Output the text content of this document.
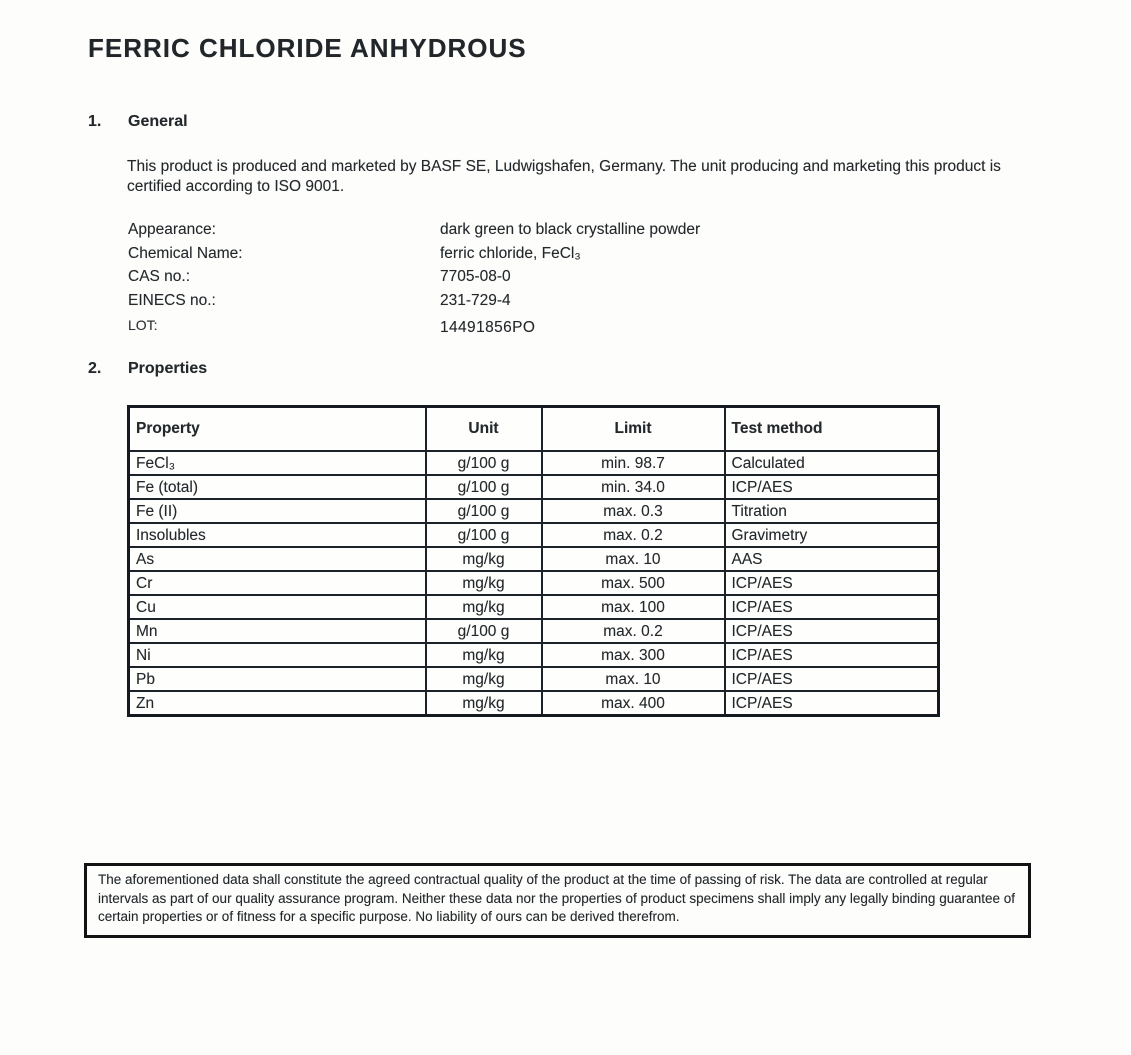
FERRIC CHLORIDE ANHYDROUS
1. General

This product is produced and marketed by BASF SE, Ludwigshafen, Germany. The unit producing and marketing this product is certified according to ISO 9001.

Appearance:	dark green to black crystalline powder
Chemical Name:	ferric chloride, FeCl₃
CAS no.:	7705-08-0
EINECS no.:	231-729-4
LOT:	14491856PO
2. Properties
Property	Unit	Limit	Test method
FeCl₃	g/100 g	min. 98.7	Calculated
Fe (total)	g/100 g	min. 34.0	ICP/AES
Fe (II)	g/100 g	max. 0.3	Titration
Insolubles	g/100 g	max. 0.2	Gravimetry
As	mg/kg	max. 10	AAS
Cr	mg/kg	max. 500	ICP/AES
Cu	mg/kg	max. 100	ICP/AES
Mn	g/100 g	max. 0.2	ICP/AES
Ni	mg/kg	max. 300	ICP/AES
Pb	mg/kg	max. 10	ICP/AES
Zn	mg/kg	max. 400	ICP/AES

The aforementioned data shall constitute the agreed contractual quality of the product at the time of passing of risk. The data are controlled at regular intervals as part of our quality assurance program. Neither these data nor the properties of product specimens shall imply any legally binding guarantee of certain properties or of fitness for a specific purpose. No liability of ours can be derived therefrom.
